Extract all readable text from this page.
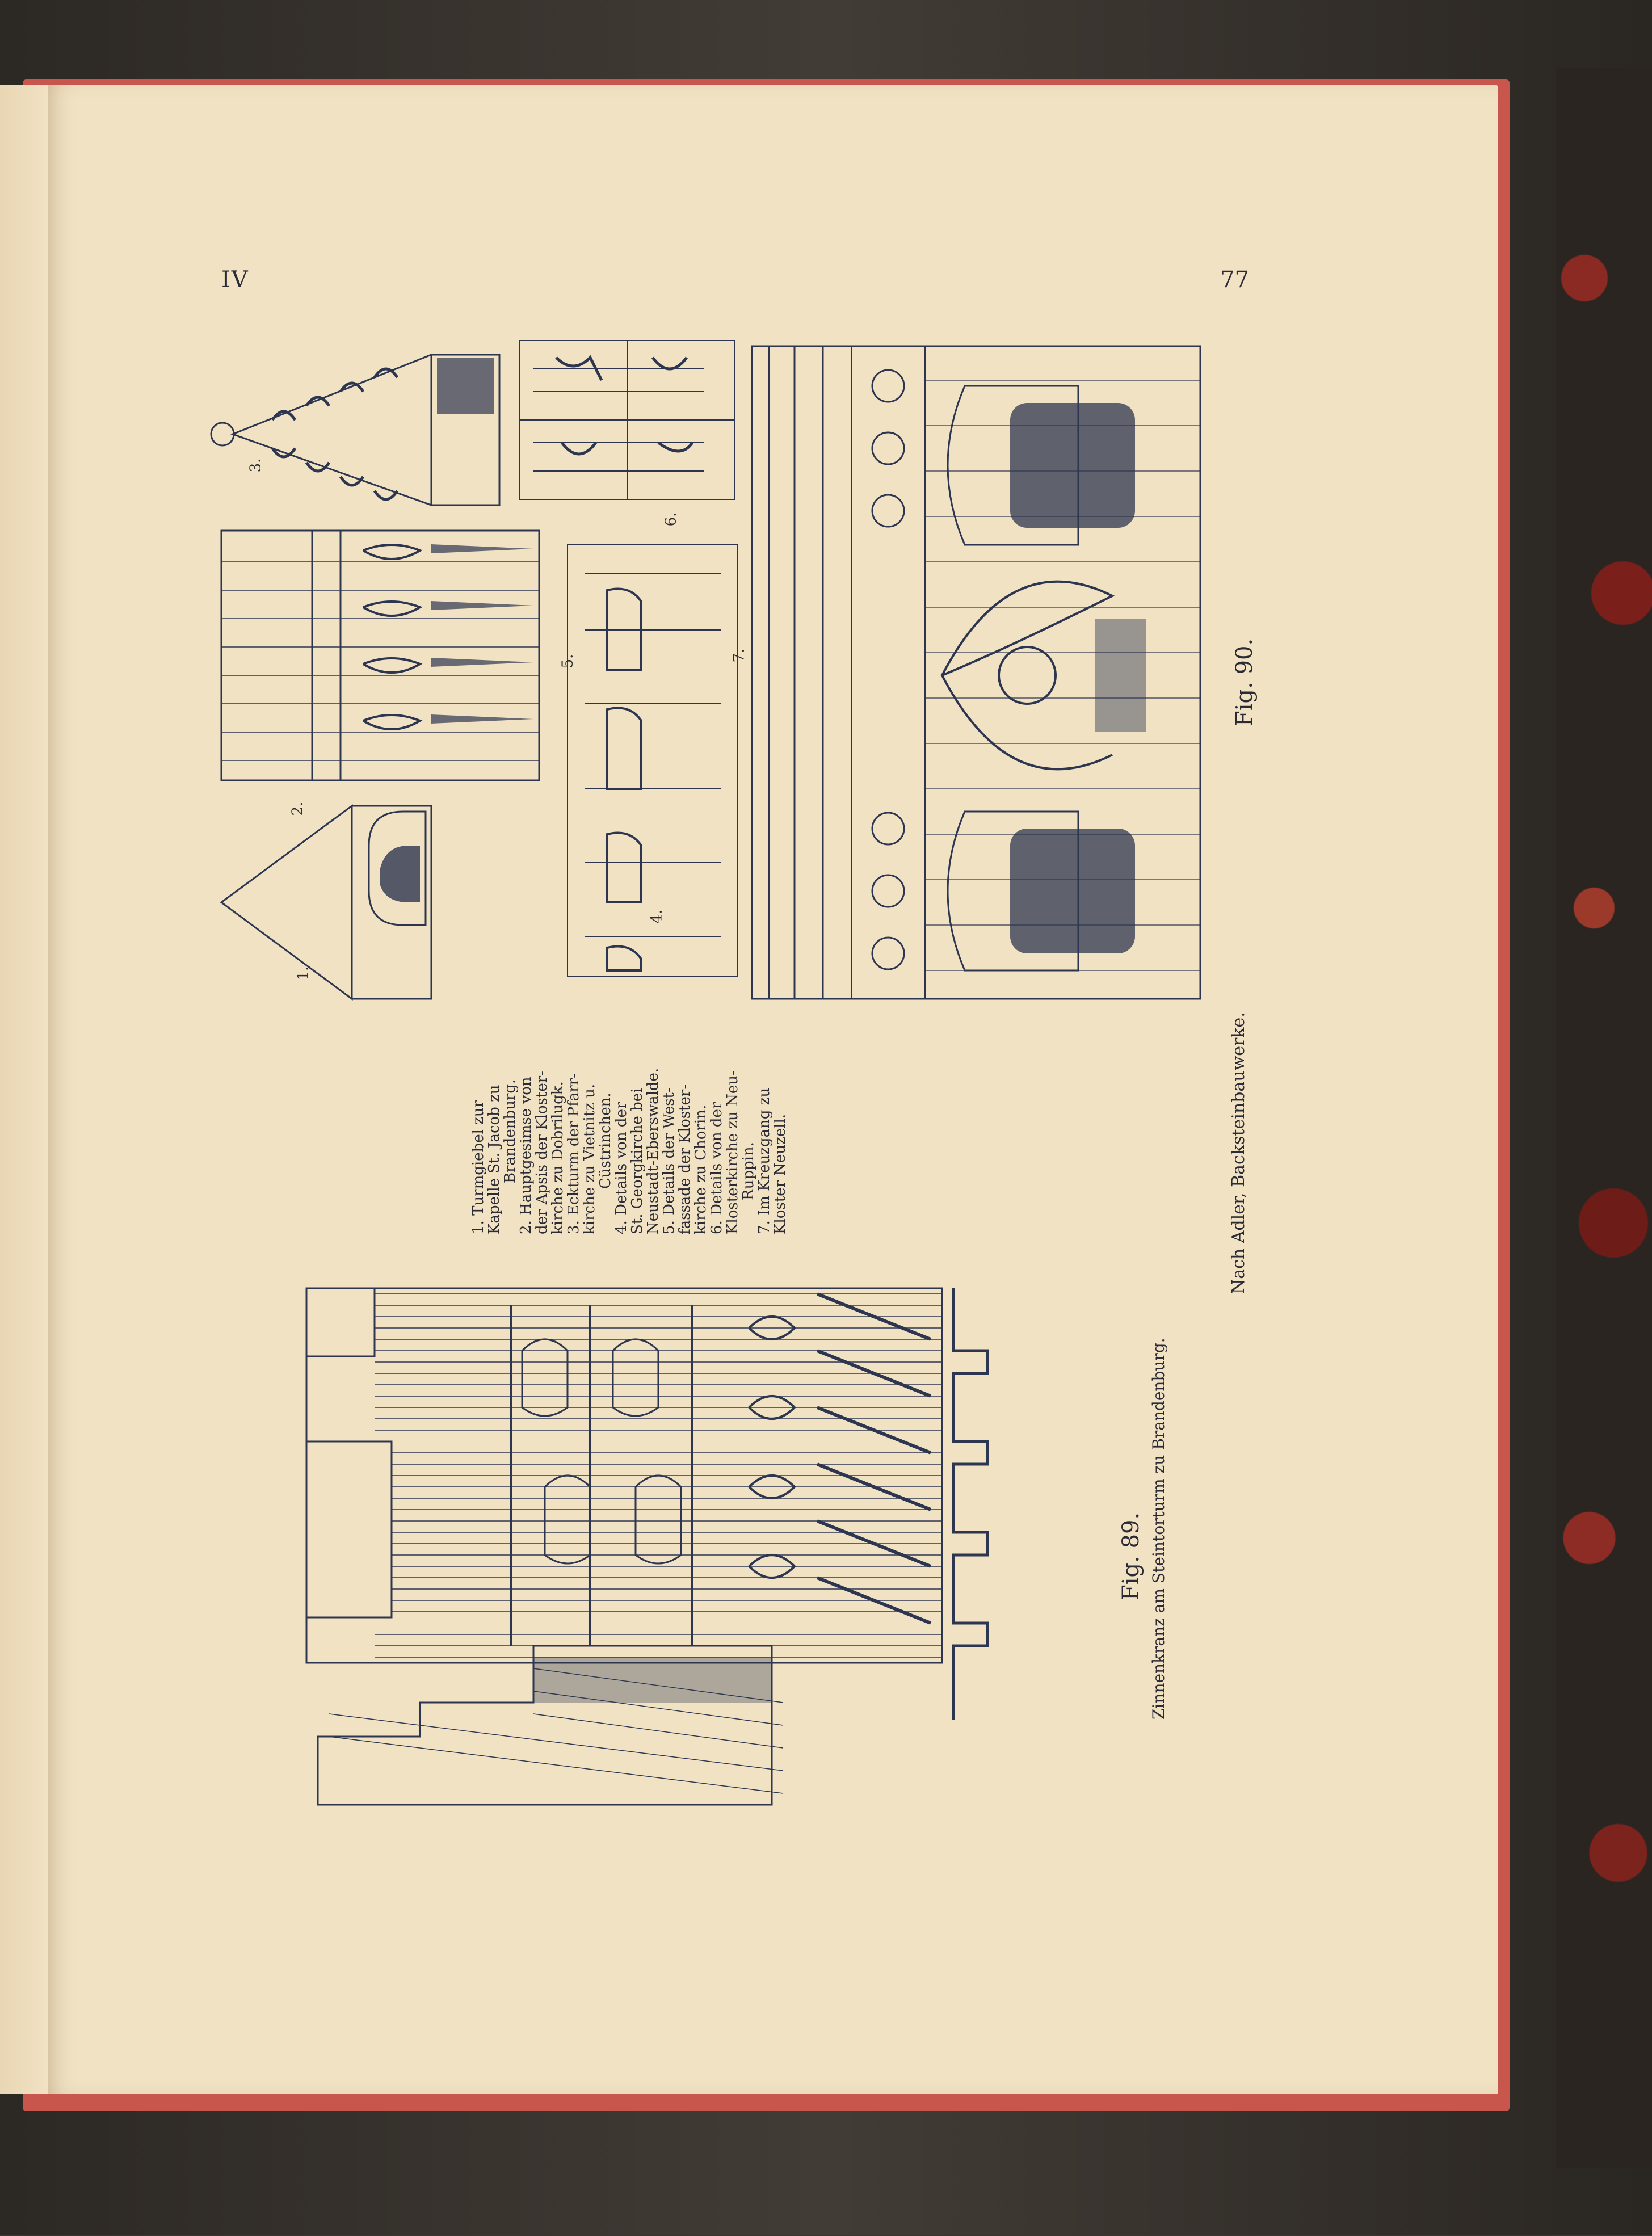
IV	77
3.
2.
1.
6.
5.
4.
7.
1. Turmgiebel zur
Kapelle St. Jacob zu
Brandenburg.
2. Hauptgesimse von
der Apsis der Kloster-
kirche zu Dobrilugk.
3. Eckturm der Pfarr-
kirche zu Vietnitz u.
Cüstrinchen.
4. Details von der
St. Georgkirche bei
Neustadt-Eberswalde.
5. Details der West-
fassade der Kloster-
kirche zu Chorin.
6. Details von der
Klosterkirche zu Neu-
Ruppin.
7. Im Kreuzgang zu
Kloster Neuzell.
Fig. 90.
Nach Adler, Backsteinbauwerke.
Fig. 89. Zinnenkranz am Steintorturm zu Brandenburg.
